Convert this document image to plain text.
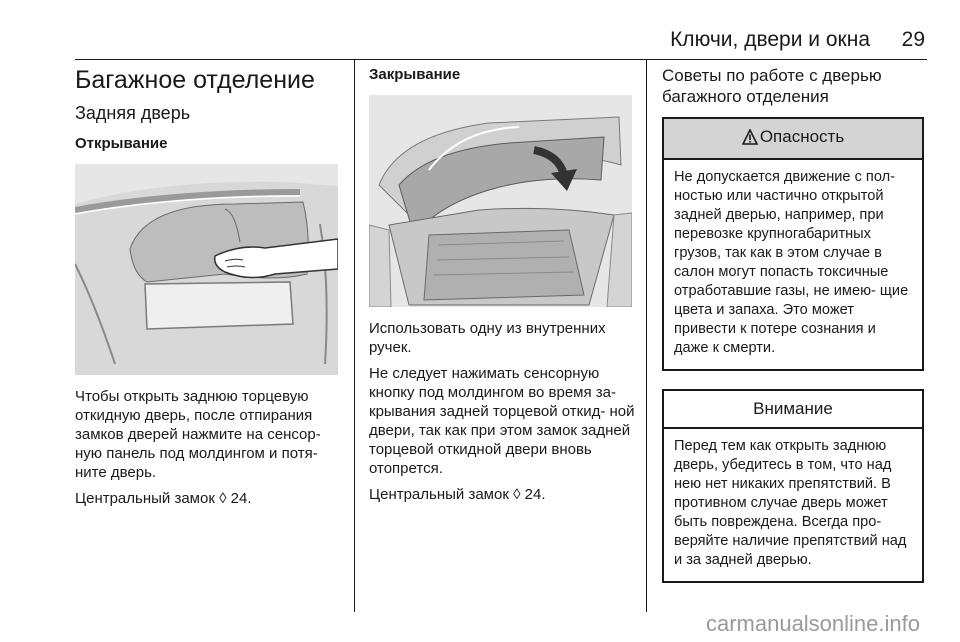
Ключи, двери и окна 29
Багажное отделение
Задняя дверь
Открывание

Чтобы открыть заднюю торцевую откидную дверь, после отпирания замков дверей нажмите на сенсор- ную панель под молдингом и потя- ните дверь.

Центральный замок ◊ 24.

Закрывание

Использовать одну из внутренних ручек.

Не следует нажимать сенсорную кнопку под молдингом во время за- крывания задней торцевой откид- ной двери, так как при этом замок задней торцевой откидной двери вновь отопрется.

Центральный замок ◊ 24.

Советы по работе с дверью багажного отделения
Опасность
Не допускается движение с пол- ностью или частично открытой задней дверью, например, при перевозке крупногабаритных грузов, так как в этом случае в салон могут попасть токсичные отработавшие газы, не имею- щие цвета и запаха. Это может привести к потере сознания и даже к смерти.
Внимание
Перед тем как открыть заднюю дверь, убедитесь в том, что над нею нет никаких препятствий. В противном случае дверь может быть повреждена. Всегда про- веряйте наличие препятствий над и за задней дверью.
carmanualsonline.info
